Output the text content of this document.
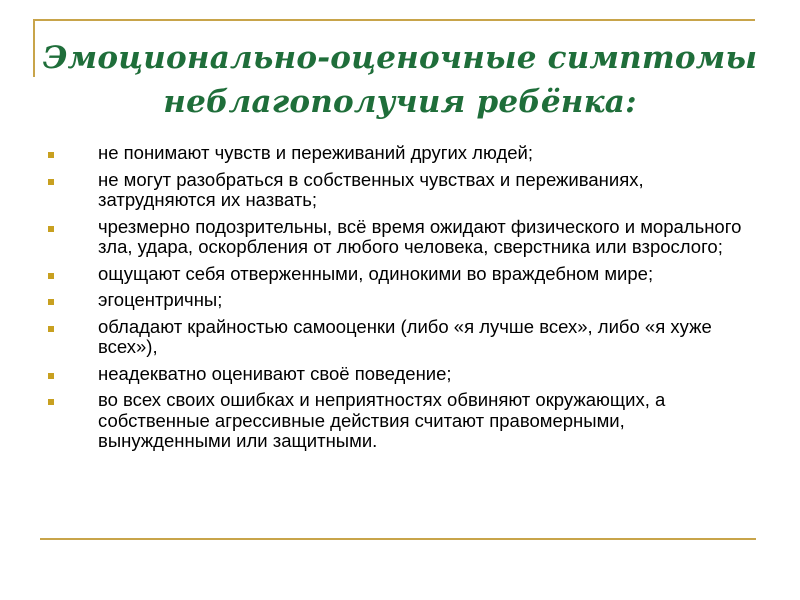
Эмоционально-оценочные симптомы
неблагополучия ребёнка:
не понимают чувств и переживаний других людей;
не могут разобраться в собственных чувствах и переживаниях, затрудняются их назвать;
чрезмерно подозрительны, всё время ожидают физического и морального зла, удара, оскорбления от любого человека, сверстника или взрослого;
ощущают себя отверженными, одинокими во враждебном мире;
эгоцентричны;
обладают крайностью самооценки (либо «я лучше всех», либо «я хуже всех»),
неадекватно оценивают своё поведение;
во всех своих ошибках и неприятностях обвиняют окружающих, а собственные агрессивные действия считают правомерными, вынужденными или защитными.
